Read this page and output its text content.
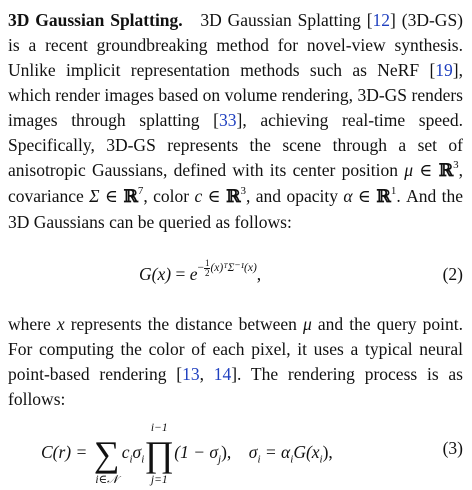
3D Gaussian Splatting. 3D Gaussian Splatting [12] (3D-GS) is a recent groundbreaking method for novel-view synthesis. Unlike implicit representation methods such as NeRF [19], which render images based on volume rendering, 3D-GS renders images through splatting [33], achieving real-time speed. Specifically, 3D-GS represents the scene through a set of anisotropic Gaussians, defined with its center position μ ∈ ℝ$^3$, covariance Σ ∈ ℝ$^7$, color c ∈ ℝ$^3$, and opacity α ∈ ℝ$^1$. And the 3D Gaussians can be queried as follows:

$G(x) = e^{- \frac{1}{2} (x)ᵀ\Sigma^{-1}(x)}$,	(2)

where x represents the distance between μ and the query point. For computing the color of each pixel, it uses a typical neural point-based rendering [13, 14]. The rendering process is as follows:

C(r) = ∑
i∈𝒩
$c_i\sigma_i$
i−1
∏
j=1
$(1 - \sigma_j)$, $\sigma_i = \alpha_iG(x_i)$,	(3)
